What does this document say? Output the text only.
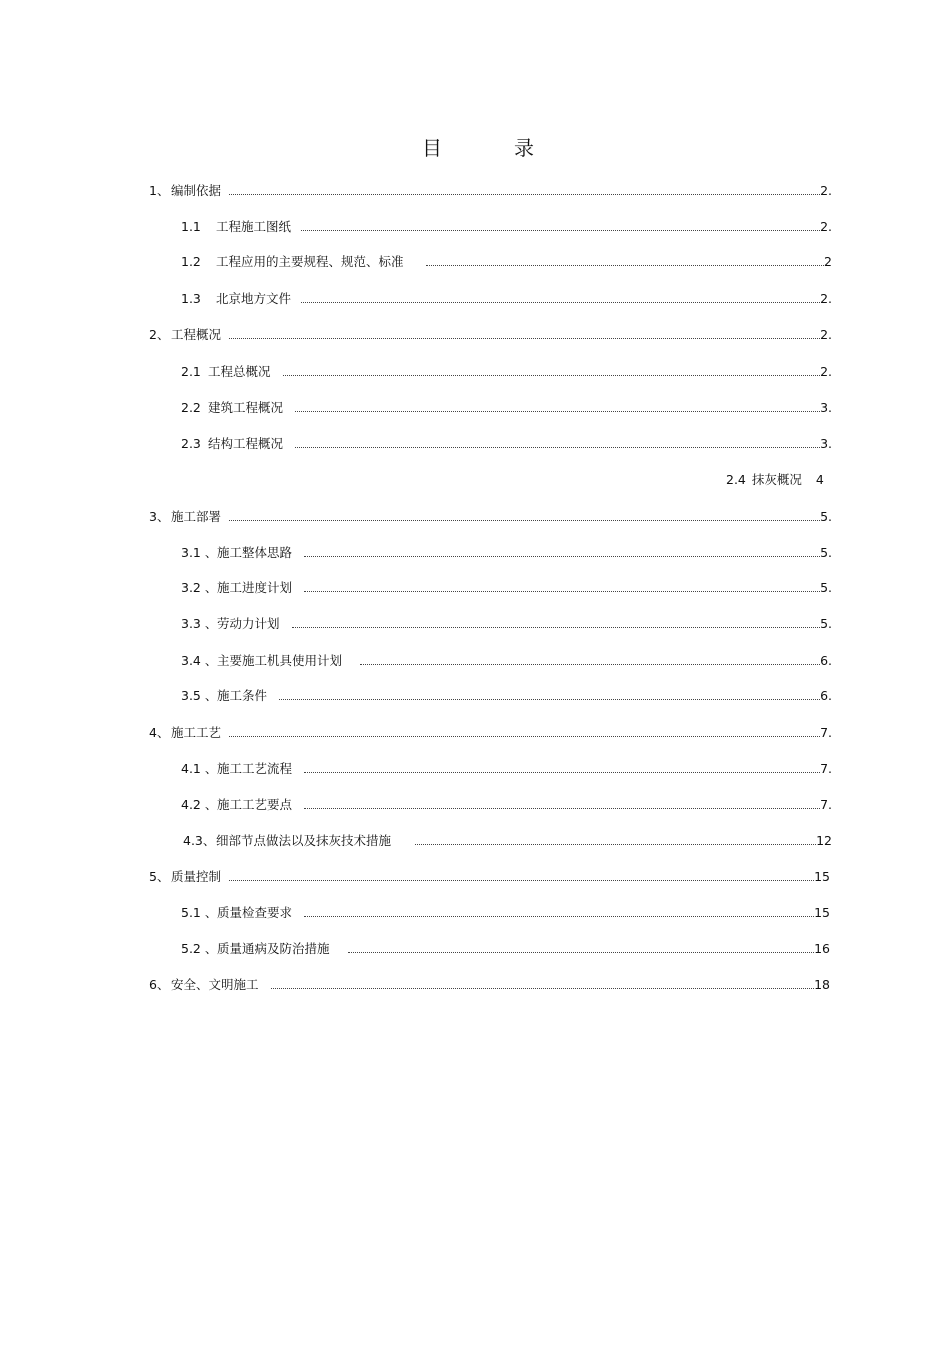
目　录
1、 编制依据	2.
1.1	工程施工图纸	2.
1.2	工程应用的主要规程、规范、标准	2
1.3	北京地方文件	2.
2、 工程概况	2.
2.1 工程总概况	2.
2.2 建筑工程概况	3.
2.3 结构工程概况	3.
2.4 抹灰概况 4
3、 施工部署	5.
3.1 、 施工整体思路	5.
3.2 、 施工进度计划	5.
3.3 、 劳动力计划	5.
3.4 、 主要施工机具使用计划	6.
3.5 、 施工条件	6.
4、 施工工艺	7.
4.1 、 施工工艺流程	7.
4.2 、 施工工艺要点	7.
4.3、 细部节点做法以及抹灰技术措施	12
5、 质量控制	15
5.1 、 质量检查要求	15
5.2 、 质量通病及防治措施	16
6、 安全、文明施工	18
